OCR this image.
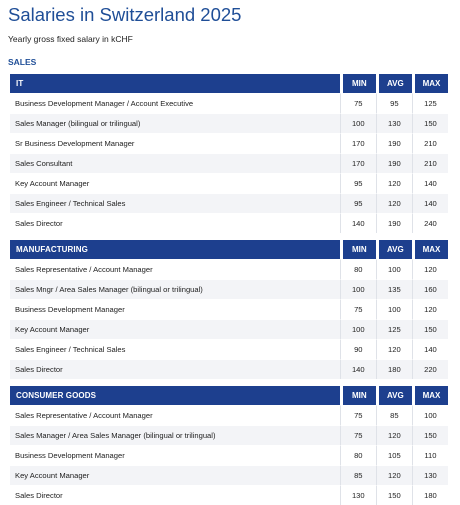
Salaries in Switzerland 2025
Yearly gross fixed salary in kCHF
SALES
IT	MIN	AVG	MAX
Business Development Manager / Account Executive	75	95	125
Sales Manager (bilingual or trilingual)	100	130	150
Sr Business Development Manager	170	190	210
Sales Consultant	170	190	210
Key Account Manager	95	120	140
Sales Engineer / Technical Sales	95	120	140
Sales Director	140	190	240
MANUFACTURING	MIN	AVG	MAX
Sales Representative / Account Manager	80	100	120
Sales Mngr / Area Sales Manager (bilingual or trilingual)	100	135	160
Business Development Manager	75	100	120
Key Account Manager	100	125	150
Sales Engineer / Technical Sales	90	120	140
Sales Director	140	180	220
CONSUMER GOODS	MIN	AVG	MAX
Sales Representative / Account Manager	75	85	100
Sales Manager / Area Sales Manager (bilingual or trilingual)	75	120	150
Business Development Manager	80	105	110
Key Account Manager	85	120	130
Sales Director	130	150	180
